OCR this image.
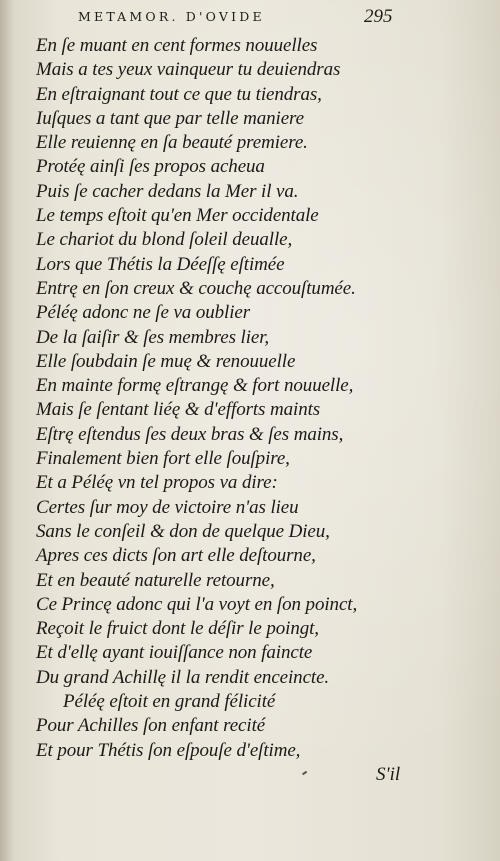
METAMOR. D'OVIDE	295
En ſe muant en cent formes nouuelles
Mais a tes yeux vainqueur tu deuiendras
En eſtraignant tout ce que tu tiendras,
Iuſques a tant que par telle maniere
Elle reuiennę en ſa beauté premiere.
Protéę ainſi ſes propos acheua
Puis ſe cacher dedans la Mer il va.
Le temps eſtoit qu'en Mer occidentale
Le chariot du blond ſoleil deualle,
Lors que Thétis la Déeſſę eſtimée
Entrę en ſon creux & couchę accouſtumée.
Péléę adonc ne ſe va oublier
De la ſaiſir & ſes membres lier,
Elle ſoubdain ſe muę & renouuelle
En mainte formę eſtrangę & fort nouuelle,
Mais ſe ſentant liéę & d'efforts maints
Eſtrę eſtendus ſes deux bras & ſes mains,
Finalement bien fort elle ſouſpire,
Et a Péléę vn tel propos va dire:
Certes ſur moy de victoire n'as lieu
Sans le conſeil & don de quelque Dieu,
Apres ces dicts ſon art elle deſtourne,
Et en beauté naturelle retourne,
Ce Princę adonc qui l'a voyt en ſon poinct,
Reçoit le fruict dont le déſir le poingt,
Et d'ellę ayant iouiſſance non faincte
Du grand Achillę il la rendit enceincte.
Péléę eſtoit en grand félicité
Pour Achilles ſon enfant recité
Et pour Thétis ſon eſpouſe d'eſtime,
S'il
